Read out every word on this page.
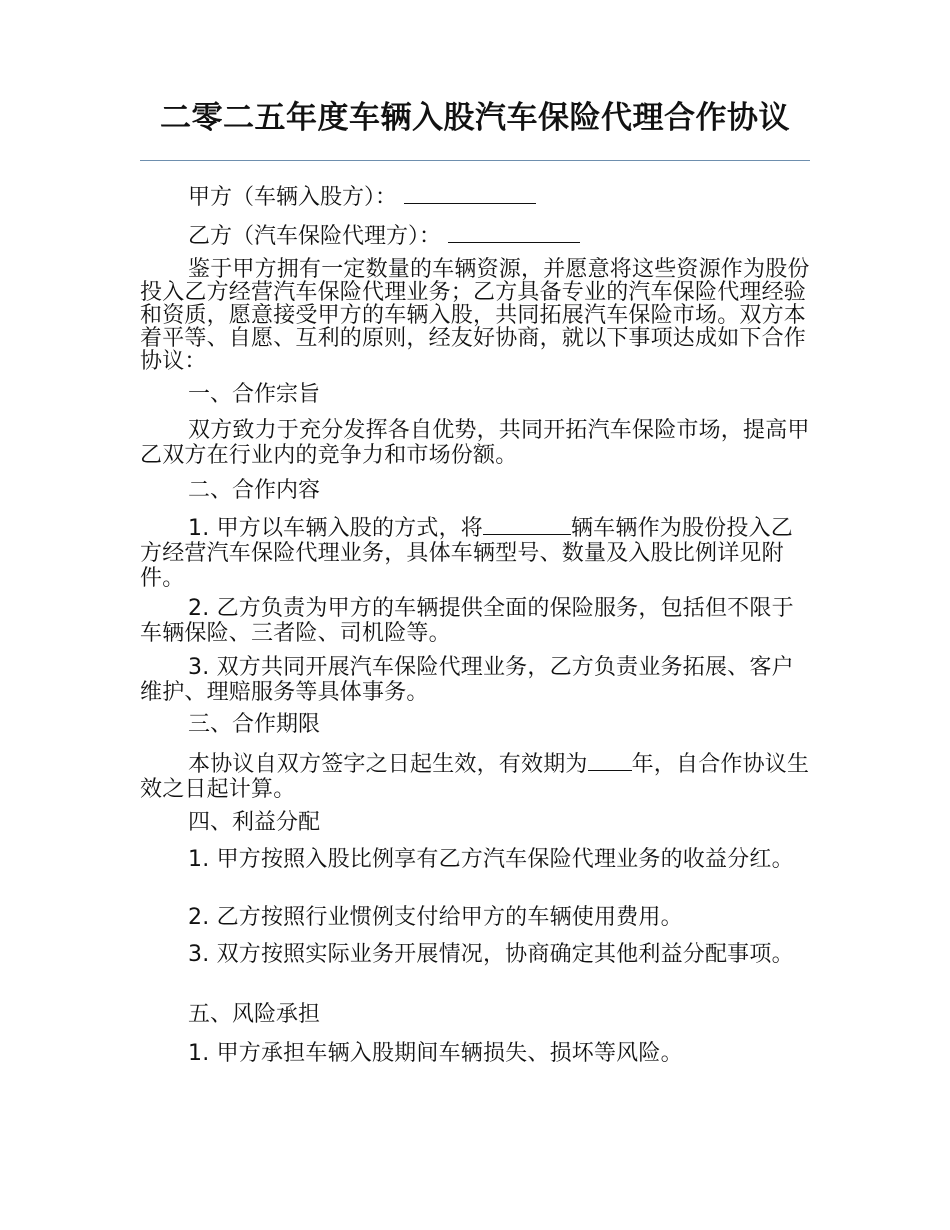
二零二五年度车辆入股汽车保险代理合作协议
甲方（车辆入股方）：
乙方（汽车保险代理方）：
鉴于甲方拥有一定数量的车辆资源，并愿意将这些资源作为股份投入乙方经营汽车保险代理业务；乙方具备专业的汽车保险代理经验和资质，愿意接受甲方的车辆入股，共同拓展汽车保险市场。双方本着平等、自愿、互利的原则，经友好协商，就以下事项达成如下合作协议：
一、合作宗旨
双方致力于充分发挥各自优势，共同开拓汽车保险市场，提高甲乙双方在行业内的竞争力和市场份额。
二、合作内容
1. 甲方以车辆入股的方式，将	辆车辆作为股份投入乙方经营汽车保险代理业务，具体车辆型号、数量及入股比例详见附件。
2. 乙方负责为甲方的车辆提供全面的保险服务，包括但不限于车辆保险、三者险、司机险等。
3. 双方共同开展汽车保险代理业务，乙方负责业务拓展、客户维护、理赔服务等具体事务。
三、合作期限
本协议自双方签字之日起生效，有效期为 年，自合作协议生效之日起计算。
四、利益分配
1. 甲方按照入股比例享有乙方汽车保险代理业务的收益分红。
2. 乙方按照行业惯例支付给甲方的车辆使用费用。
3. 双方按照实际业务开展情况，协商确定其他利益分配事项。
五、风险承担
1. 甲方承担车辆入股期间车辆损失、损坏等风险。
